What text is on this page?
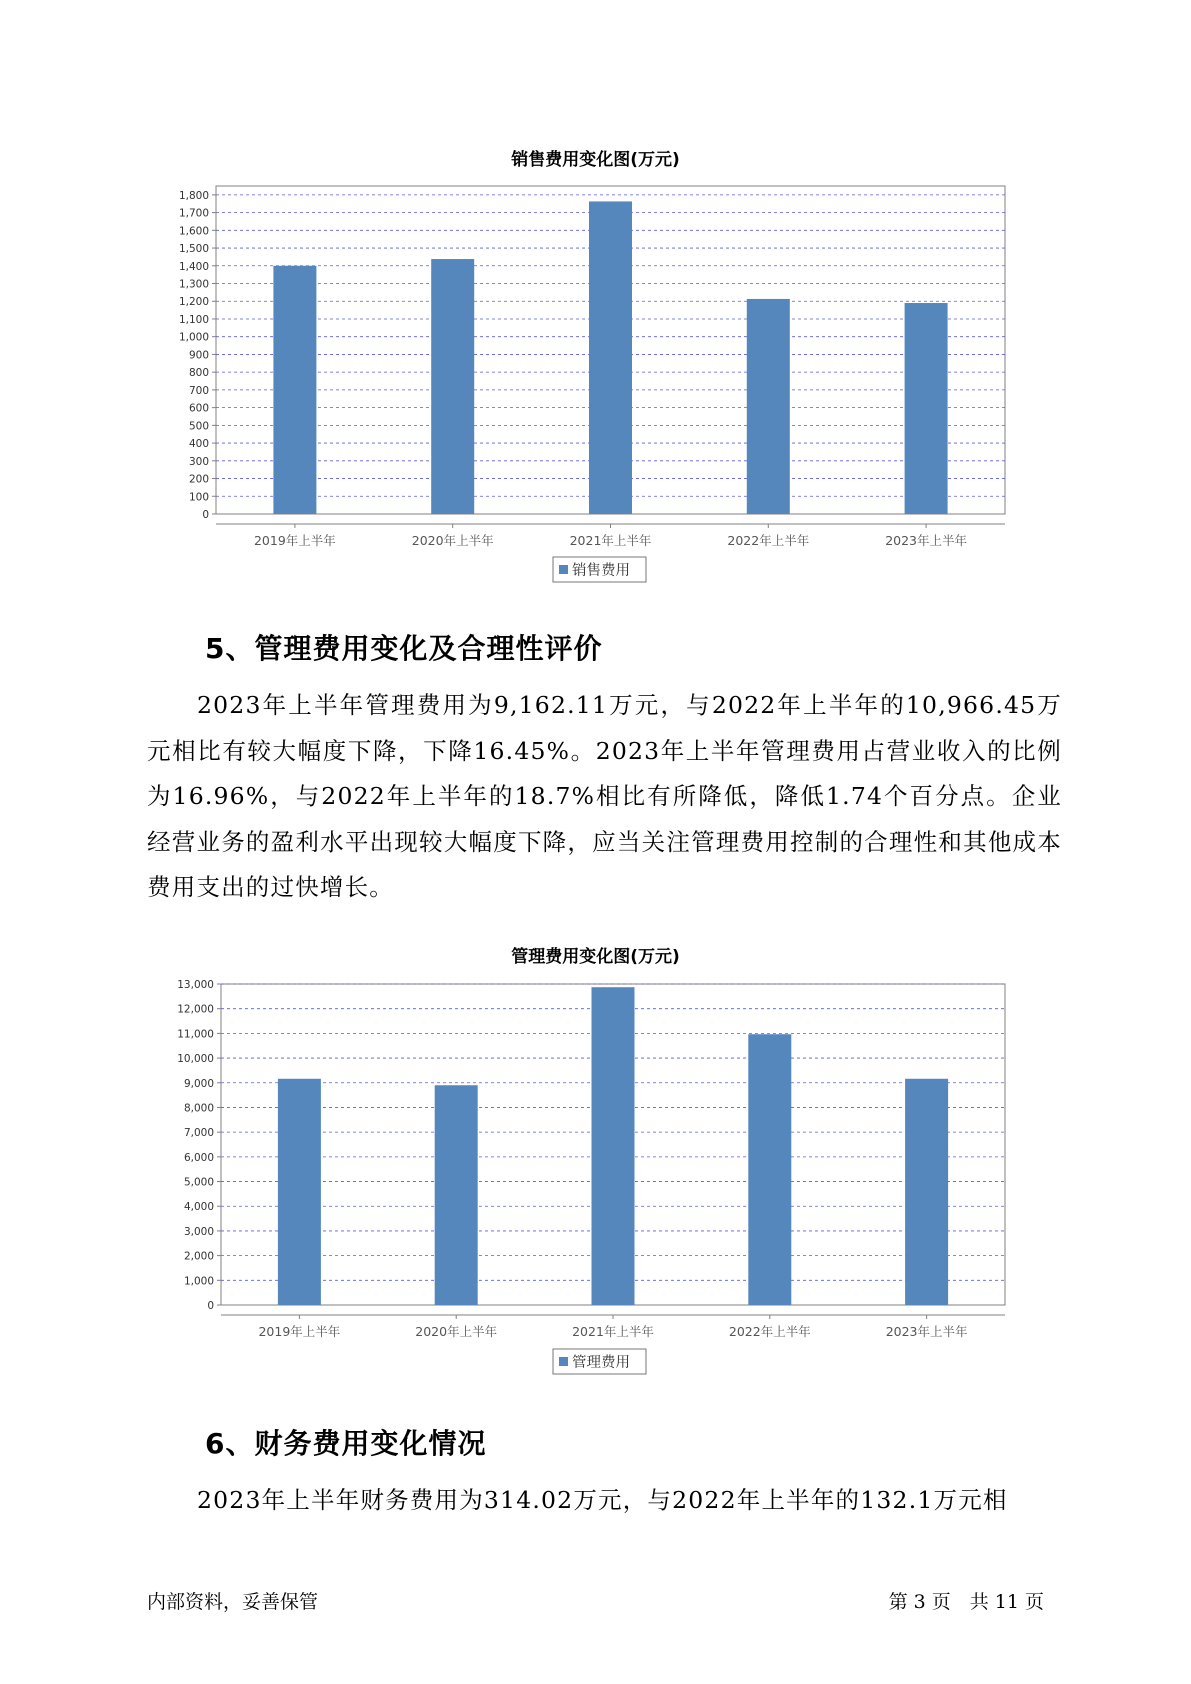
销售费用变化图(万元)
0
100
200
300
400
500
600
700
800
900
1,000
1,100
1,200
1,300
1,400
1,500
1,600
1,700
1,800
2019年上半年	2020年上半年	2021年上半年	2022年上半年	2023年上半年
销售费用
5、管理费用变化及合理性评价
2023年上半年管理费用为9,162.11万元，与2022年上半年的10,966.45万元相比有较大幅度下降，下降16.45%。2023年上半年管理费用占营业收入的比例为16.96%，与2022年上半年的18.7%相比有所降低，降低1.74个百分点。企业经营业务的盈利水平出现较大幅度下降，应当关注管理费用控制的合理性和其他成本费用支出的过快增长。
管理费用变化图(万元)
0
1,000
2,000
3,000
4,000
5,000
6,000
7,000
8,000
9,000
10,000
11,000
12,000
13,000
2019年上半年	2020年上半年	2021年上半年	2022年上半年	2023年上半年
管理费用
6、财务费用变化情况
2023年上半年财务费用为314.02万元，与2022年上半年的132.1万元相
内部资料，妥善保管	第 3 页　共 11 页
